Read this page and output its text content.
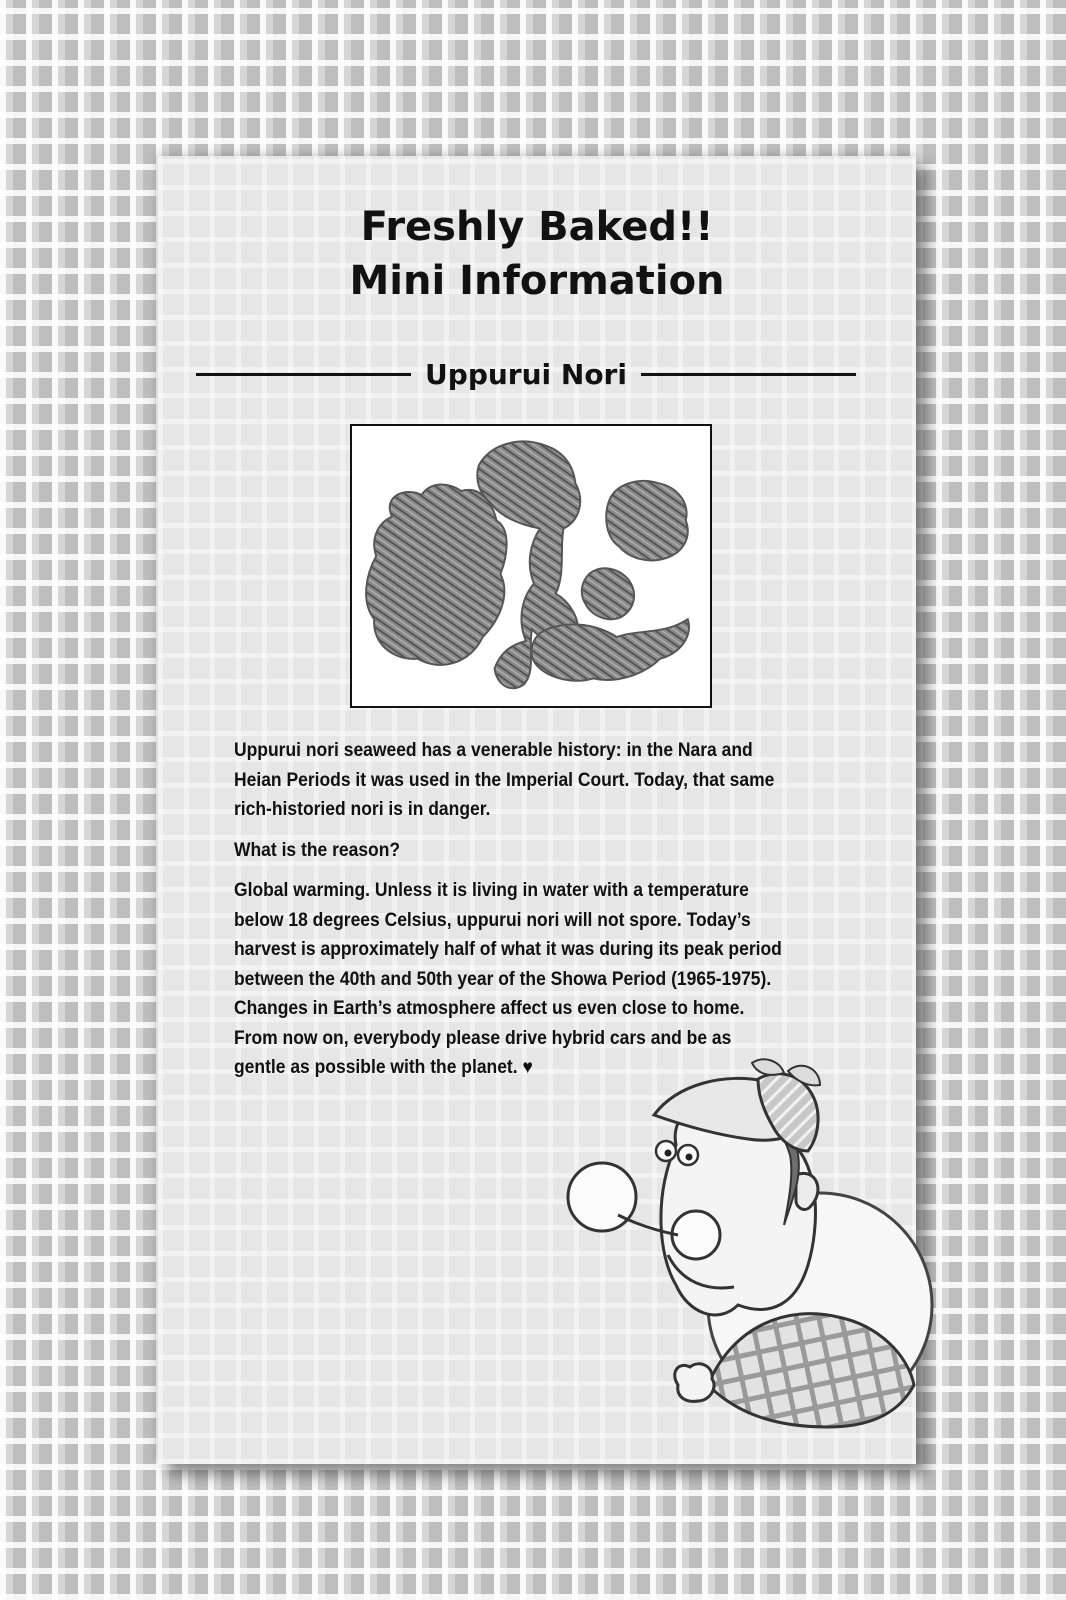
Freshly Baked!!
Mini Information
Uppurui Nori

Uppurui nori seaweed has a venerable history: in the Nara and Heian Periods it was used in the Imperial Court. Today, that same rich-historied nori is in danger.

What is the reason?

Global warming. Unless it is living in water with a temperature below 18 degrees Celsius, uppurui nori will not spore. Today’s harvest is approximately half of what it was during its peak period between the 40th and 50th year of the Showa Period (1965-1975). Changes in Earth’s atmosphere affect us even close to home. From now on, everybody please drive hybrid cars and be as gentle as possible with the planet. ♥
